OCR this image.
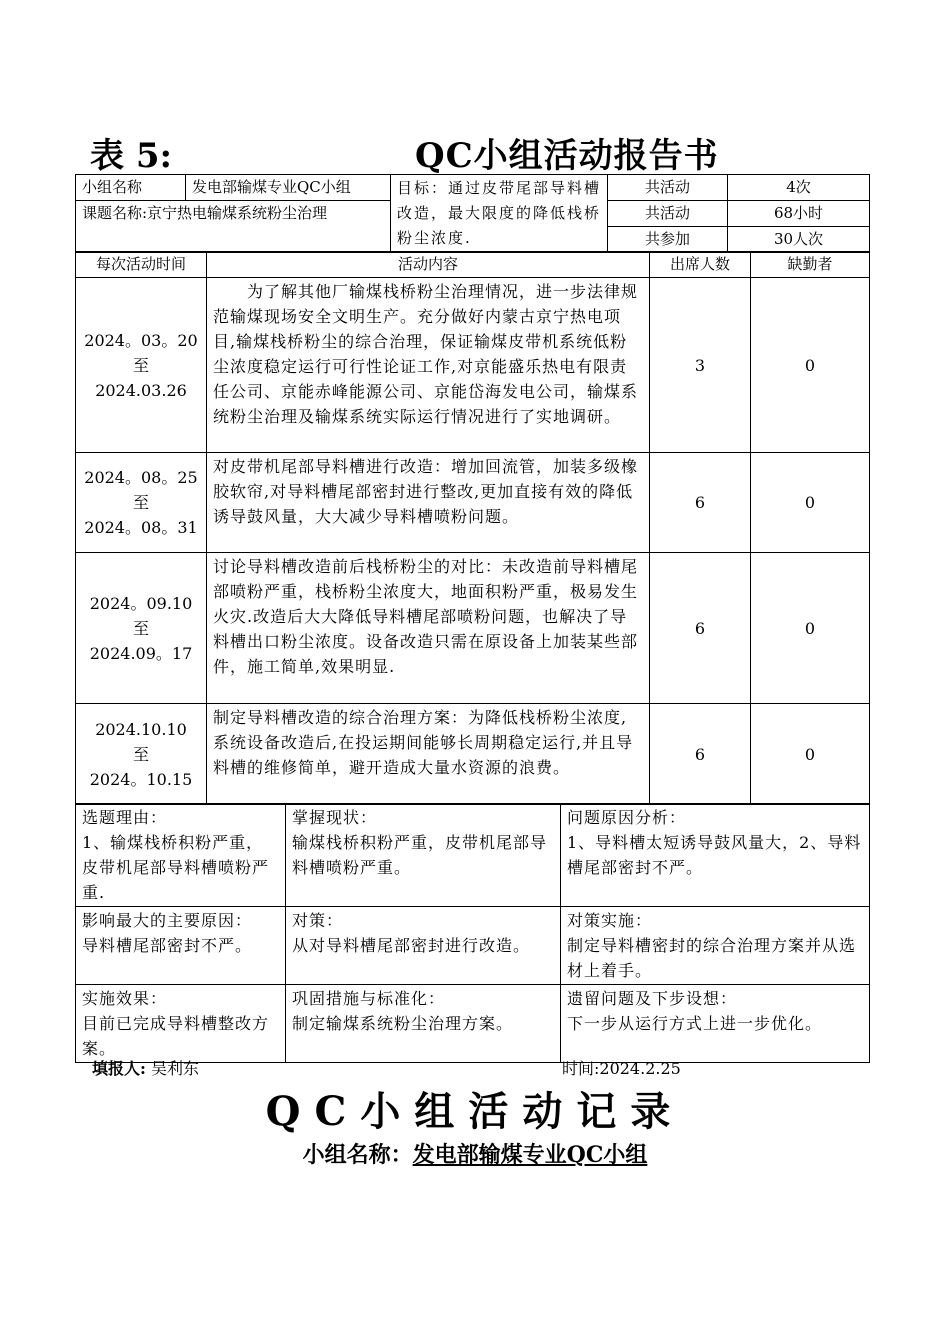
表 5:	QC小组活动报告书
小组名称	发电部输煤专业QC小组	目标：通过皮带尾部导料槽改造，最大限度的降低栈桥粉尘浓度.	共活动	4次
课题名称:京宁热电输煤系统粉尘治理			共活动	68小时
			共参加	30人次
每次活动时间	活动内容	出席人数	缺勤者

2024。03。20
至
2024.03.26	　　为了解其他厂输煤栈桥粉尘治理情况，进一步法律规范输煤现场安全文明生产。充分做好内蒙古京宁热电项目,输煤栈桥粉尘的综合治理，保证输煤皮带机系统低粉尘浓度稳定运行可行性论证工作,对京能盛乐热电有限责任公司、京能赤峰能源公司、京能岱海发电公司，输煤系统粉尘治理及输煤系统实际运行情况进行了实地调研。	3	0

2024。08。25
至
2024。08。31	对皮带机尾部导料槽进行改造：增加回流管，加装多级橡胶软帘,对导料槽尾部密封进行整改,更加直接有效的降低诱导鼓风量，大大减少导料槽喷粉问题。	6	0

2024。09.10
至
2024.09。17	讨论导料槽改造前后栈桥粉尘的对比：未改造前导料槽尾部喷粉严重，栈桥粉尘浓度大，地面积粉严重，极易发生火灾.改造后大大降低导料槽尾部喷粉问题，也解决了导料槽出口粉尘浓度。设备改造只需在原设备上加装某些部件，施工简单,效果明显.	6	0

2024.10.10
至
2024。10.15	制定导料槽改造的综合治理方案：为降低栈桥粉尘浓度,系统设备改造后,在投运期间能够长周期稳定运行,并且导料槽的维修简单，避开造成大量水资源的浪费。	6	0
选题理由：
1、输煤栈桥积粉严重，皮带机尾部导料槽喷粉严重.	掌握现状：
输煤栈桥积粉严重，皮带机尾部导料槽喷粉严重。	问题原因分析：
1、导料槽太短诱导鼓风量大，2、导料槽尾部密封不严。

影响最大的主要原因：
导料槽尾部密封不严。	对策：
从对导料槽尾部密封进行改造。	对策实施：
制定导料槽密封的综合治理方案并从选材上着手。

实施效果：
目前已完成导料槽整改方案。	巩固措施与标准化：
制定输煤系统粉尘治理方案。	遗留问题及下步设想：
下一步从运行方式上进一步优化。
填报人: 吴利东	时间:2024.2.25
QC小组活动记录
小组名称：发电部输煤专业QC小组
